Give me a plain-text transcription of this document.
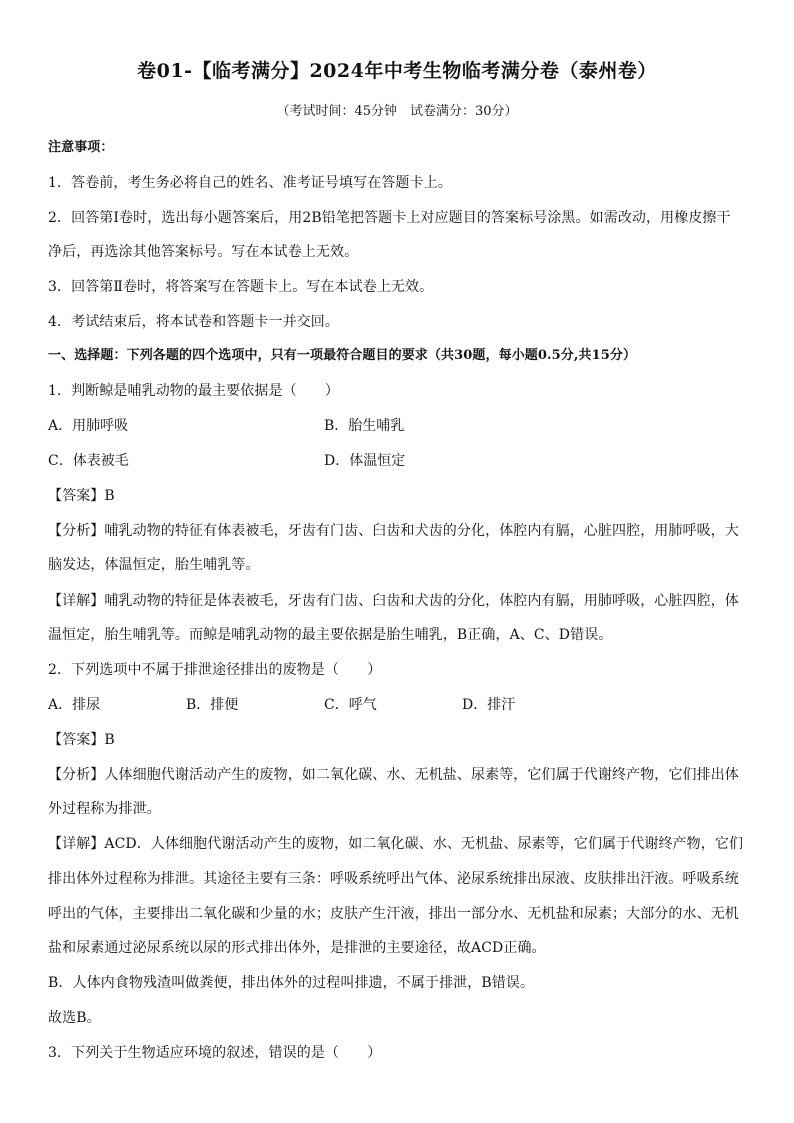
卷01-【临考满分】2024年中考生物临考满分卷（泰州卷）
（考试时间：45分钟　试卷满分：30分）
注意事项：
1．答卷前，考生务必将自己的姓名、准考证号填写在答题卡上。
2．回答第Ⅰ卷时，选出每小题答案后，用2B铅笔把答题卡上对应题目的答案标号涂黑。如需改动，用橡皮擦干
净后，再选涂其他答案标号。写在本试卷上无效。
3．回答第Ⅱ卷时，将答案写在答题卡上。写在本试卷上无效。
4．考试结束后，将本试卷和答题卡一并交回。
一、选择题：下列各题的四个选项中，只有一项最符合题目的要求（共30题，每小题0.5分,共15分）
1．判断鲸是哺乳动物的最主要依据是（　　）
A．用肺呼吸	B．胎生哺乳
C．体表被毛	D．体温恒定
【答案】B
【分析】哺乳动物的特征有体表被毛，牙齿有门齿、臼齿和犬齿的分化，体腔内有膈，心脏四腔，用肺呼吸，大
脑发达，体温恒定，胎生哺乳等。
【详解】哺乳动物的特征是体表被毛，牙齿有门齿、臼齿和犬齿的分化，体腔内有膈，用肺呼吸，心脏四腔，体
温恒定，胎生哺乳等。而鲸是哺乳动物的最主要依据是胎生哺乳，B正确，A、C、D错误。
2．下列选项中不属于排泄途径排出的废物是（　　）
A．排尿	B．排便	C．呼气	D．排汗
【答案】B
【分析】人体细胞代谢活动产生的废物，如二氧化碳、水、无机盐、尿素等，它们属于代谢终产物，它们排出体
外过程称为排泄。
【详解】ACD．人体细胞代谢活动产生的废物，如二氧化碳、水、无机盐、尿素等，它们属于代谢终产物，它们
排出体外过程称为排泄。其途径主要有三条：呼吸系统呼出气体、泌尿系统排出尿液、皮肤排出汗液。呼吸系统
呼出的气体，主要排出二氧化碳和少量的水；皮肤产生汗液，排出一部分水、无机盐和尿素；大部分的水、无机
盐和尿素通过泌尿系统以尿的形式排出体外，是排泄的主要途径，故ACD正确。
B．人体内食物残渣叫做粪便，排出体外的过程叫排遗，不属于排泄，B错误。
故选B。
3．下列关于生物适应环境的叙述，错误的是（　　）
